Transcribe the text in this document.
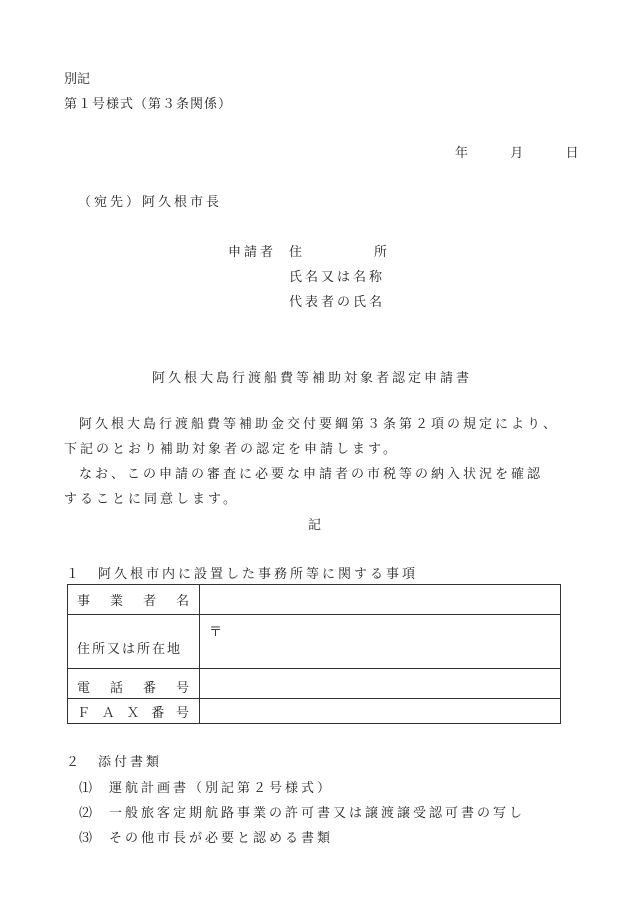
別記
第１号様式（第３条関係）
年	月	日
（宛先）阿久根市長
申請者 住	所
氏名又は名称
代表者の氏名
阿久根大島行渡船費等補助対象者認定申請書
阿久根大島行渡船費等補助金交付要綱第３条第２項の規定により、
下記のとおり補助対象者の認定を申請します。
なお、この申請の審査に必要な申請者の市税等の納入状況を確認
することに同意します。
記
１　阿久根市内に設置した事務所等に関する事項
事 業 者 名	

住所又は所在地	〒

電 話 番 号	

Ｆ Ａ Ｘ 番 号	

２　添付書類
⑴ 運航計画書（別記第２号様式）
⑵ 一般旅客定期航路事業の許可書又は譲渡譲受認可書の写し
⑶ その他市長が必要と認める書類
